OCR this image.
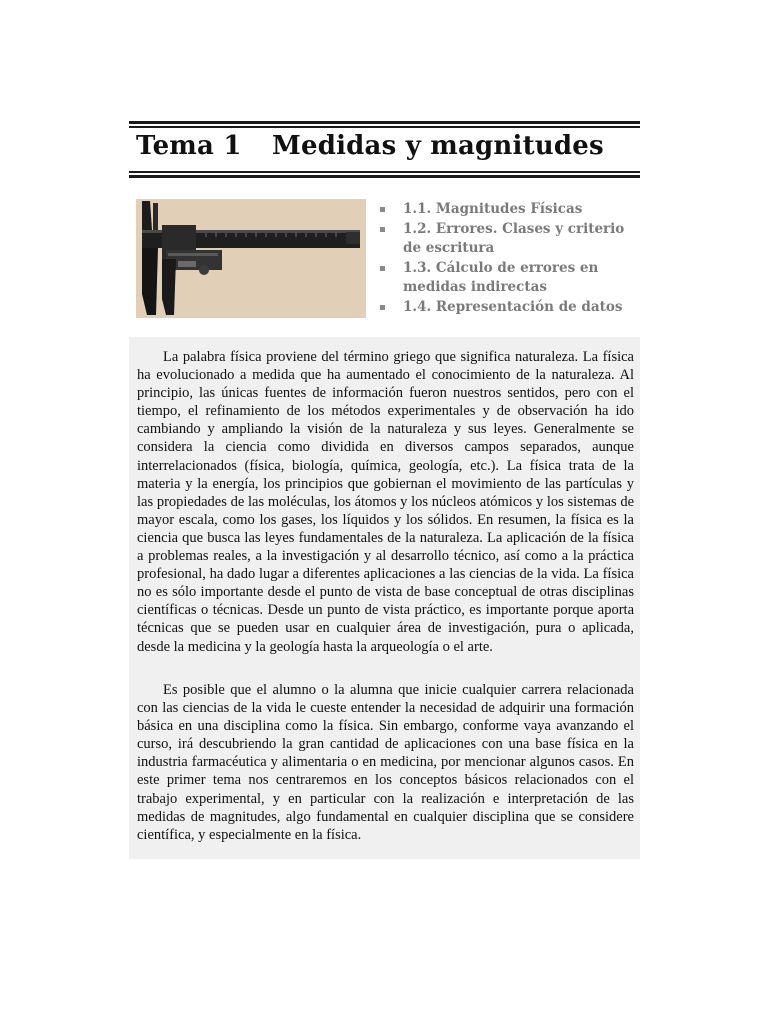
Tema 1 Medidas y magnitudes
1.1. Magnitudes Físicas
1.2. Errores. Clases y criterio de escritura
1.3. Cálculo de errores en medidas indirectas
1.4. Representación de datos

La palabra física proviene del término griego que significa naturaleza. La física ha evolucionado a medida que ha aumentado el conocimiento de la naturaleza. Al principio, las únicas fuentes de información fueron nuestros sentidos, pero con el tiempo, el refinamiento de los métodos experimentales y de observación ha ido cambiando y ampliando la visión de la naturaleza y sus leyes. Generalmente se considera la ciencia como dividida en diversos campos separados, aunque interrelacionados (física, biología, química, geología, etc.). La física trata de la materia y la energía, los principios que gobiernan el movimiento de las partículas y las propiedades de las moléculas, los átomos y los núcleos atómicos y los sistemas de mayor escala, como los gases, los líquidos y los sólidos. En resumen, la física es la ciencia que busca las leyes fundamentales de la naturaleza. La aplicación de la física a problemas reales, a la investigación y al desarrollo técnico, así como a la práctica profesional, ha dado lugar a diferentes aplicaciones a las ciencias de la vida. La física no es sólo importante desde el punto de vista de base conceptual de otras disciplinas científicas o técnicas. Desde un punto de vista práctico, es importante porque aporta técnicas que se pueden usar en cualquier área de investigación, pura o aplicada, desde la medicina y la geología hasta la arqueología o el arte.

Es posible que el alumno o la alumna que inicie cualquier carrera relacionada con las ciencias de la vida le cueste entender la necesidad de adquirir una formación básica en una disciplina como la física. Sin embargo, conforme vaya avanzando el curso, irá descubriendo la gran cantidad de aplicaciones con una base física en la industria farmacéutica y alimentaria o en medicina, por mencionar algunos casos. En este primer tema nos centraremos en los conceptos básicos relacionados con el trabajo experimental, y en particular con la realización e interpretación de las medidas de magnitudes, algo fundamental en cualquier disciplina que se considere científica, y especialmente en la física.
